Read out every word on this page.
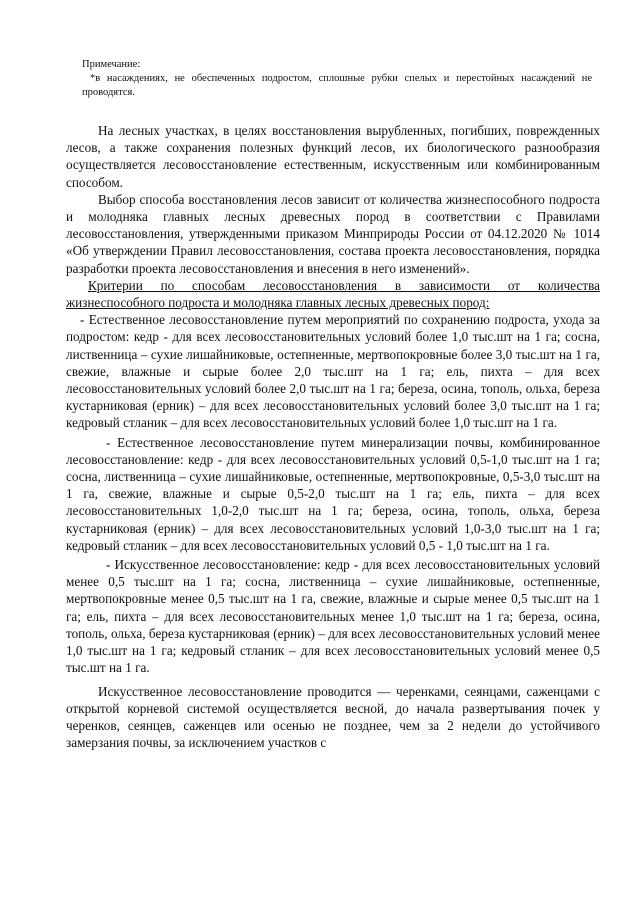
Примечание:

*в насаждениях, не обеспеченных подростом, сплошные рубки спелых и перестойных насаждений не проводятся.

На лесных участках, в целях восстановления вырубленных, погибших, поврежденных лесов, а также сохранения полезных функций лесов, их биологического разнообразия осуществляется лесовосстановление естественным, искусственным или комбинированным способом.

Выбор способа восстановления лесов зависит от количества жизнеспособного подроста и молодняка главных лесных древесных пород в соответствии с Правилами лесовосстановления, утвержденными приказом Минприроды России от 04.12.2020 № 1014 «Об утверждении Правил лесовосстановления, состава проекта лесовосстановления, порядка разработки проекта лесовосстановления и внесения в него изменений».

Критерии по способам лесовосстановления в зависимости от количества жизнеспособного подроста и молодняка главных лесных древесных пород:

- Естественное лесовосстановление путем мероприятий по сохранению подроста, ухода за подростом: кедр - для всех лесовосстановительных условий более 1,0 тыс.шт на 1 га; сосна, лиственница – сухие лишайниковые, остепненные, мертвопокровные более 3,0 тыс.шт на 1 га, свежие, влажные и сырые более 2,0 тыс.шт на 1 га; ель, пихта – для всех лесовосстановительных условий более 2,0 тыс.шт на 1 га; береза, осина, тополь, ольха, береза кустарниковая (ерник) – для всех лесовосстановительных условий более 3,0 тыс.шт на 1 га; кедровый стланик – для всех лесовосстановительных условий более 1,0 тыс.шт на 1 га.

- Естественное лесовосстановление путем минерализации почвы, комбинированное лесовосстановление: кедр - для всех лесовосстановительных условий 0,5-1,0 тыс.шт на 1 га; сосна, лиственница – сухие лишайниковые, остепненные, мертвопокровные, 0,5-3,0 тыс.шт на 1 га, свежие, влажные и сырые 0,5-2,0 тыс.шт на 1 га; ель, пихта – для всех лесовосстановительных 1,0-2,0 тыс.шт на 1 га; береза, осина, тополь, ольха, береза кустарниковая (ерник) – для всех лесовосстановительных условий 1,0-3,0 тыс.шт на 1 га; кедровый стланик – для всех лесовосстановительных условий 0,5 - 1,0 тыс.шт на 1 га.

- Искусственное лесовосстановление: кедр - для всех лесовосстановительных условий менее 0,5 тыс.шт на 1 га; сосна, лиственница – сухие лишайниковые, остепненные, мертвопокровные менее 0,5 тыс.шт на 1 га, свежие, влажные и сырые менее 0,5 тыс.шт на 1 га; ель, пихта – для всех лесовосстановительных менее 1,0 тыс.шт на 1 га; береза, осина, тополь, ольха, береза кустарниковая (ерник) – для всех лесовосстановительных условий менее 1,0 тыс.шт на 1 га; кедровый стланик – для всех лесовосстановительных условий менее 0,5 тыс.шт на 1 га.

Искусственное лесовосстановление проводится — черенками, сеянцами, саженцами с открытой корневой системой осуществляется весной, до начала развертывания почек у черенков, сеянцев, саженцев или осенью не позднее, чем за 2 недели до устойчивого замерзания почвы, за исключением участков с
